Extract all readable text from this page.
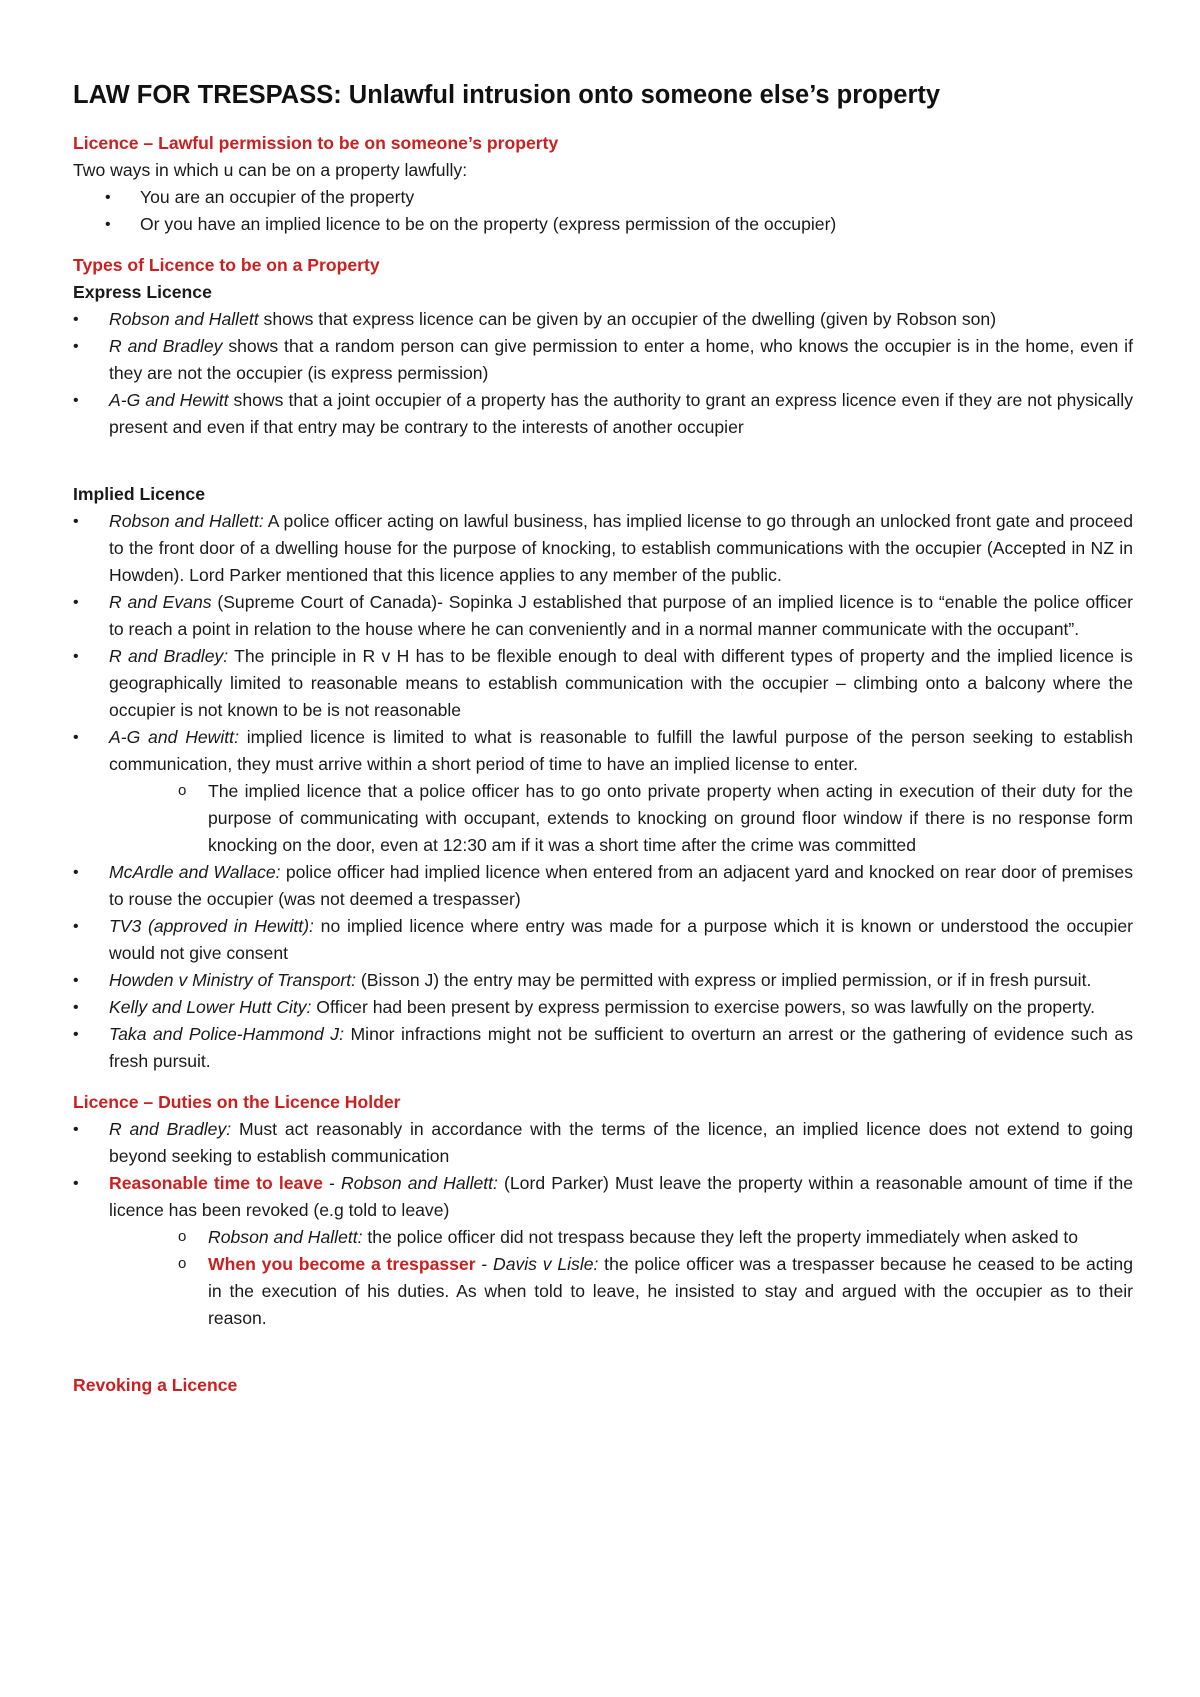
LAW FOR TRESPASS: Unlawful intrusion onto someone else’s property

Licence – Lawful permission to be on someone’s property

Two ways in which u can be on a property lawfully:

• You are an occupier of the property
• Or you have an implied licence to be on the property (express permission of the occupier)

Types of Licence to be on a Property

Express Licence

• Robson and Hallett shows that express licence can be given by an occupier of the dwelling (given by Robson son)
• R and Bradley shows that a random person can give permission to enter a home, who knows the occupier is in the home, even if they are not the occupier (is express permission)
• A-G and Hewitt shows that a joint occupier of a property has the authority to grant an express licence even if they are not physically present and even if that entry may be contrary to the interests of another occupier

Implied Licence

• Robson and Hallett: A police officer acting on lawful business, has implied license to go through an unlocked front gate and proceed to the front door of a dwelling house for the purpose of knocking, to establish communications with the occupier (Accepted in NZ in Howden). Lord Parker mentioned that this licence applies to any member of the public.
• R and Evans (Supreme Court of Canada)- Sopinka J established that purpose of an implied licence is to “enable the police officer to reach a point in relation to the house where he can conveniently and in a normal manner communicate with the occupant”.
• R and Bradley: The principle in R v H has to be flexible enough to deal with different types of property and the implied licence is geographically limited to reasonable means to establish communication with the occupier – climbing onto a balcony where the occupier is not known to be is not reasonable
• A-G and Hewitt: implied licence is limited to what is reasonable to fulfill the lawful purpose of the person seeking to establish communication, they must arrive within a short period of time to have an implied license to enter.
o The implied licence that a police officer has to go onto private property when acting in execution of their duty for the purpose of communicating with occupant, extends to knocking on ground floor window if there is no response form knocking on the door, even at 12:30 am if it was a short time after the crime was committed
• McArdle and Wallace: police officer had implied licence when entered from an adjacent yard and knocked on rear door of premises to rouse the occupier (was not deemed a trespasser)
• TV3 (approved in Hewitt): no implied licence where entry was made for a purpose which it is known or understood the occupier would not give consent
• Howden v Ministry of Transport: (Bisson J) the entry may be permitted with express or implied permission, or if in fresh pursuit.
• Kelly and Lower Hutt City: Officer had been present by express permission to exercise powers, so was lawfully on the property.
• Taka and Police-Hammond J: Minor infractions might not be sufficient to overturn an arrest or the gathering of evidence such as fresh pursuit.

Licence – Duties on the Licence Holder

• R and Bradley: Must act reasonably in accordance with the terms of the licence, an implied licence does not extend to going beyond seeking to establish communication
• Reasonable time to leave - Robson and Hallett: (Lord Parker) Must leave the property within a reasonable amount of time if the licence has been revoked (e.g told to leave)
o Robson and Hallett: the police officer did not trespass because they left the property immediately when asked to
o When you become a trespasser - Davis v Lisle: the police officer was a trespasser because he ceased to be acting in the execution of his duties. As when told to leave, he insisted to stay and argued with the occupier as to their reason.

Revoking a Licence
